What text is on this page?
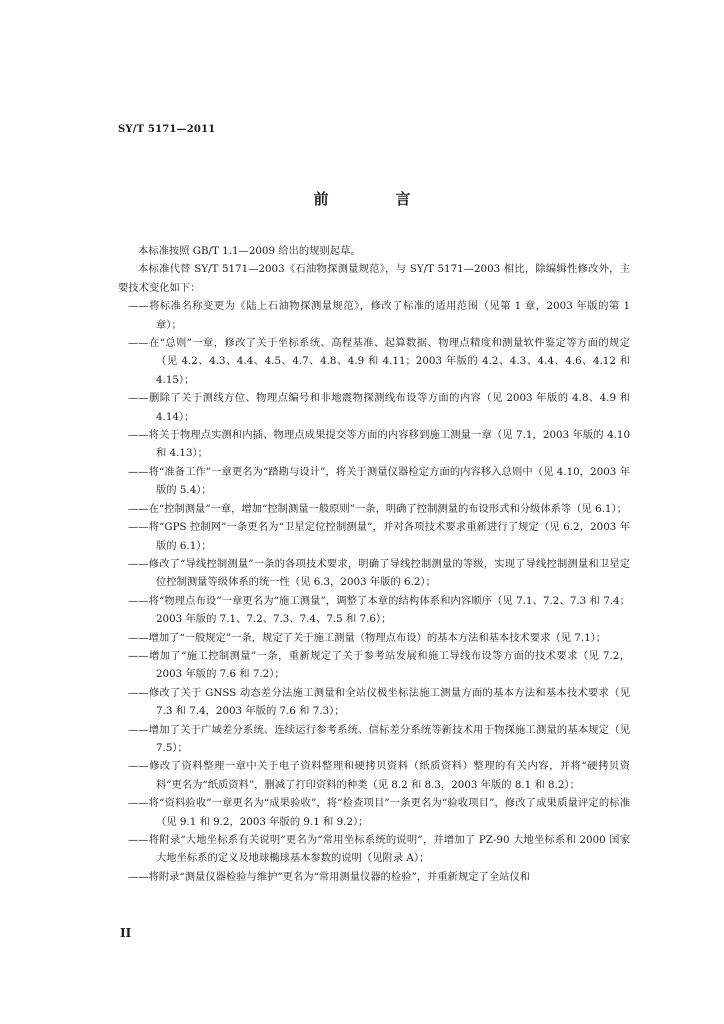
SY/T 5171—2011
前　言

本标准按照 GB/T 1.1—2009 给出的规则起草。

本标准代替 SY/T 5171—2003《石油物探测量规范》，与 SY/T 5171—2003 相比，除编辑性修改外，主要技术变化如下：

——将标准名称变更为《陆上石油物探测量规范》，修改了标准的适用范围（见第 1 章，2003 年版的第 1 章）；

——在“总则”一章，修改了关于坐标系统、高程基准、起算数据、物理点精度和测量软件鉴定等方面的规定（见 4.2、4.3、4.4、4.5、4.7、4.8、4.9 和 4.11；2003 年版的 4.2、4.3、4.4、4.6、4.12 和 4.15）；

——删除了关于测线方位、物理点编号和非地震物探测线布设等方面的内容（见 2003 年版的 4.8、4.9 和 4.14）；

——将关于物理点实测和内插、物理点成果提交等方面的内容移到施工测量一章（见 7.1，2003 年版的 4.10 和 4.13）；

——将“准备工作”一章更名为“踏勘与设计”，将关于测量仪器检定方面的内容移入总则中（见 4.10，2003 年版的 5.4）；

——在“控制测量”一章，增加“控制测量一般原则”一条，明确了控制测量的布设形式和分级体系等（见 6.1）；

——将“GPS 控制网”一条更名为“卫星定位控制测量”，并对各项技术要求重新进行了规定（见 6.2，2003 年版的 6.1）；

——修改了“导线控制测量”一条的各项技术要求，明确了导线控制测量的等级，实现了导线控制测量和卫星定位控制测量等级体系的统一性（见 6.3，2003 年版的 6.2）；

——将“物理点布设”一章更名为“施工测量”，调整了本章的结构体系和内容顺序（见 7.1、7.2、7.3 和 7.4；2003 年版的 7.1、7.2、7.3、7.4、7.5 和 7.6）；

——增加了“一般规定”一条，规定了关于施工测量（物理点布设）的基本方法和基本技术要求（见 7.1）；

——增加了“施工控制测量”一条，重新规定了关于参考站发展和施工导线布设等方面的技术要求（见 7.2，2003 年版的 7.6 和 7.2）；

——修改了关于 GNSS 动态差分法施工测量和全站仪极坐标法施工测量方面的基本方法和基本技术要求（见 7.3 和 7.4，2003 年版的 7.6 和 7.3）；

——增加了关于广域差分系统、连续运行参考系统、信标差分系统等新技术用于物探施工测量的基本规定（见 7.5）；

——修改了资料整理一章中关于电子资料整理和硬拷贝资料（纸质资料）整理的有关内容，并将“硬拷贝资料”更名为“纸质资料”，删减了打印资料的种类（见 8.2 和 8.3，2003 年版的 8.1 和 8.2）；

——将“资料验收”一章更名为“成果验收”，将“检查项目”一条更名为“验收项目”，修改了成果质量评定的标准（见 9.1 和 9.2，2003 年版的 9.1 和 9.2）；

——将附录“大地坐标系有关说明”更名为“常用坐标系统的说明”，并增加了 PZ-90 大地坐标系和 2000 国家大地坐标系的定义及地球椭球基本参数的说明（见附录 A）；

——将附录“测量仪器检验与维护”更名为“常用测量仪器的检验”，并重新规定了全站仪和

II
